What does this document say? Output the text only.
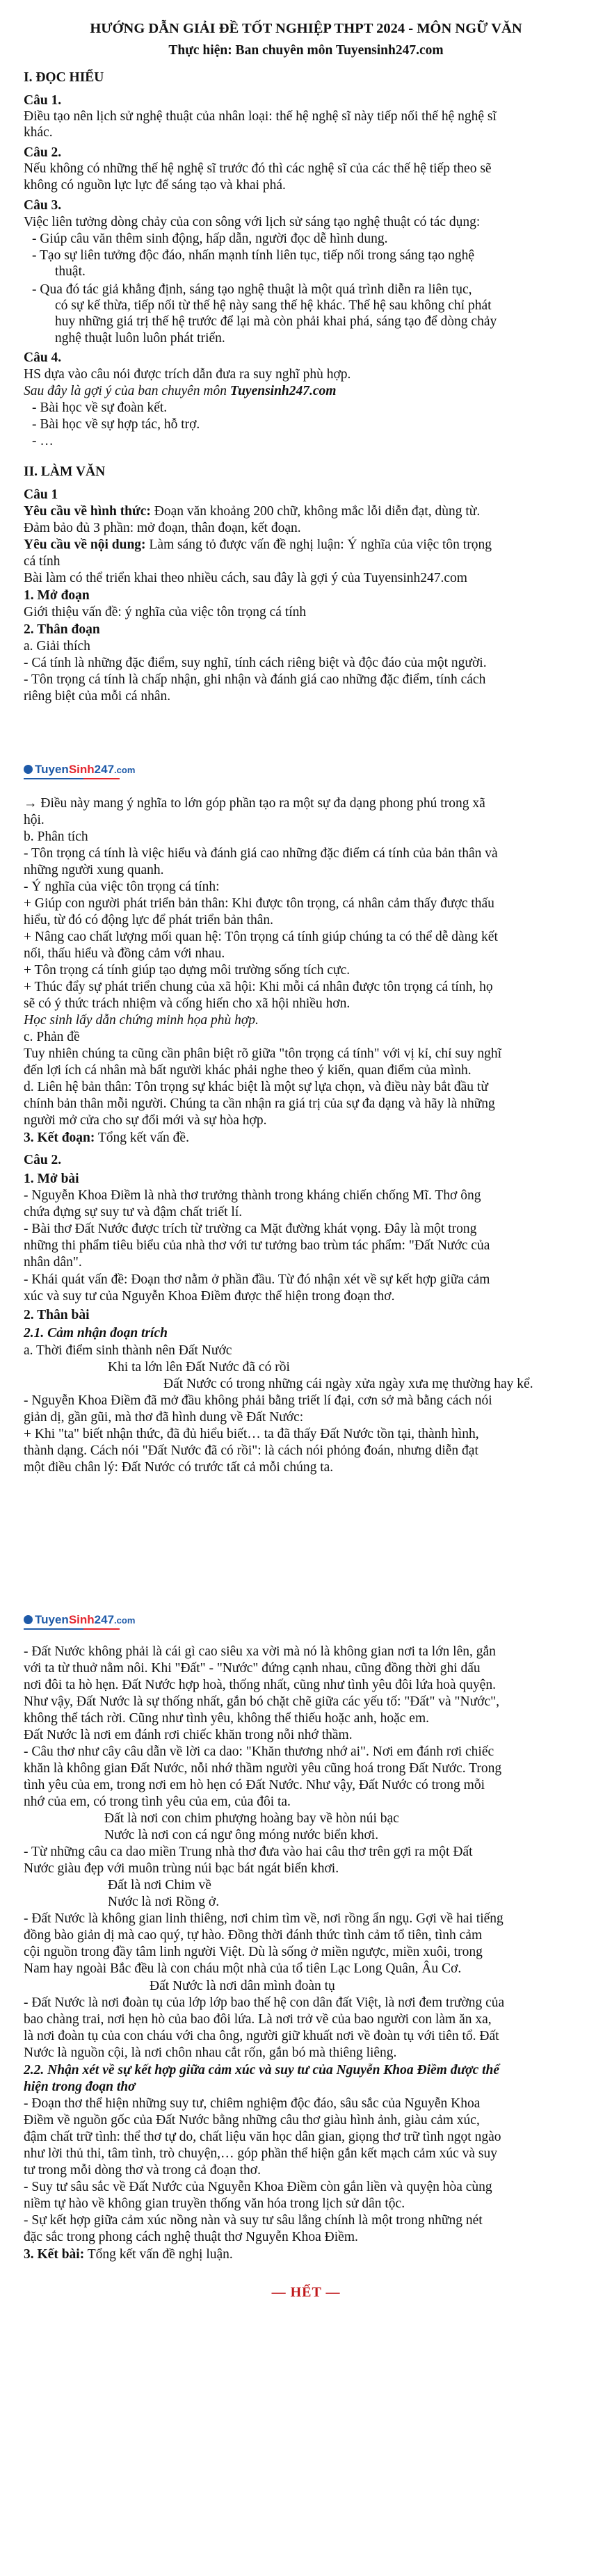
I. ĐỌC HIỂU
Câu 1.
Điều tạo nên lịch sử nghệ thuật của nhân loại: thế hệ nghệ sĩ này tiếp nối thế hệ nghệ sĩ
khác.
Câu 2.
Nếu không có những thế hệ nghệ sĩ trước đó thì các nghệ sĩ của các thế hệ tiếp theo sẽ
không có nguồn lực lực để sáng tạo và khai phá.
Câu 3.
Việc liên tưởng dòng chảy của con sông với lịch sử sáng tạo nghệ thuật có tác dụng:
- Giúp câu văn thêm sinh động, hấp dẫn, người đọc dễ hình dung.
- Tạo sự liên tưởng độc đáo, nhấn mạnh tính liên tục, tiếp nối trong sáng tạo nghệ
thuật.
- Qua đó tác giả khẳng định, sáng tạo nghệ thuật là một quá trình diễn ra liên tục,
có sự kế thừa, tiếp nối từ thế hệ này sang thế hệ khác. Thế hệ sau không chỉ phát
huy những giá trị thế hệ trước để lại mà còn phải khai phá, sáng tạo để dòng chảy
nghệ thuật luôn luôn phát triển.
Câu 4.
HS dựa vào câu nói được trích dẫn đưa ra suy nghĩ phù hợp.
Sau đây là gợi ý của ban chuyên môn Tuyensinh247.com
- Bài học về sự đoàn kết.
- Bài học về sự hợp tác, hỗ trợ.
- …
II. LÀM VĂN
Câu 1
Yêu cầu về hình thức: Đoạn văn khoảng 200 chữ, không mắc lỗi diễn đạt, dùng từ.
Đảm bảo đủ 3 phần: mở đoạn, thân đoạn, kết đoạn.
Yêu cầu về nội dung: Làm sáng tỏ được vấn đề nghị luận: Ý nghĩa của việc tôn trọng
cá tính
Bài làm có thể triển khai theo nhiều cách, sau đây là gợi ý của Tuyensinh247.com
1. Mở đoạn
Giới thiệu vấn đề: ý nghĩa của việc tôn trọng cá tính
2. Thân đoạn
a. Giải thích
- Cá tính là những đặc điểm, suy nghĩ, tính cách riêng biệt và độc đáo của một người.
- Tôn trọng cá tính là chấp nhận, ghi nhận và đánh giá cao những đặc điểm, tính cách
riêng biệt của mỗi cá nhân.
→ Điều này mang ý nghĩa to lớn góp phần tạo ra một sự đa dạng phong phú trong xã
hội.
b. Phân tích
- Tôn trọng cá tính là việc hiểu và đánh giá cao những đặc điểm cá tính của bản thân và
những người xung quanh.
- Ý nghĩa của việc tôn trọng cá tính:
+ Giúp con người phát triển bản thân: Khi được tôn trọng, cá nhân cảm thấy được thấu
hiểu, từ đó có động lực để phát triển bản thân.
+ Nâng cao chất lượng mối quan hệ: Tôn trọng cá tính giúp chúng ta có thể dễ dàng kết
nối, thấu hiểu và đồng cảm với nhau.
+ Tôn trọng cá tính giúp tạo dựng môi trường sống tích cực.
+ Thúc đẩy sự phát triển chung của xã hội: Khi mỗi cá nhân được tôn trọng cá tính, họ
sẽ có ý thức trách nhiệm và cống hiến cho xã hội nhiều hơn.
Học sinh lấy dẫn chứng minh họa phù hợp.
c. Phản đề
Tuy nhiên chúng ta cũng cần phân biệt rõ giữa "tôn trọng cá tính" với vị kỉ, chỉ suy nghĩ
đến lợi ích cá nhân mà bất người khác phải nghe theo ý kiến, quan điểm của mình.
d. Liên hệ bản thân: Tôn trọng sự khác biệt là một sự lựa chọn, và điều này bắt đầu từ
chính bản thân mỗi người. Chúng ta cần nhận ra giá trị của sự đa dạng và hãy là những
người mở cửa cho sự đổi mới và sự hòa hợp.
3. Kết đoạn: Tổng kết vấn đề.
Câu 2.
1. Mở bài
- Nguyễn Khoa Điềm là nhà thơ trưởng thành trong kháng chiến chống Mĩ. Thơ ông
chứa đựng sự suy tư và đậm chất triết lí.
- Bài thơ Đất Nước được trích từ trường ca Mặt đường khát vọng. Đây là một trong
những thi phẩm tiêu biểu của nhà thơ với tư tưởng bao trùm tác phẩm: "Đất Nước của
nhân dân".
- Khái quát vấn đề: Đoạn thơ nằm ở phần đầu. Từ đó nhận xét về sự kết hợp giữa cảm
xúc và suy tư của Nguyễn Khoa Điềm được thể hiện trong đoạn thơ.
2. Thân bài
2.1. Cảm nhận đoạn trích
a. Thời điểm sinh thành nên Đất Nước
Khi ta lớn lên Đất Nước đã có rồi
Đất Nước có trong những cái ngày xửa ngày xưa mẹ thường hay kể.
- Nguyễn Khoa Điềm đã mở đầu không phải bằng triết lí đại, cơn sở mà bằng cách nói
giản dị, gần gũi, mà thơ đã hình dung về Đất Nước:
+ Khi "ta" biết nhận thức, đã đủ hiểu biết… ta đã thấy Đất Nước tồn tại, thành hình,
thành dạng. Cách nói "Đất Nước đã có rồi": là cách nói phỏng đoán, nhưng diễn đạt
một điều chân lý: Đất Nước có trước tất cả mỗi chúng ta.
- Đất Nước không phải là cái gì cao siêu xa vời mà nó là không gian nơi ta lớn lên, gắn
với ta từ thuở nằm nôi. Khi "Đất" - "Nước" đứng cạnh nhau, cũng đồng thời ghi dấu
nơi đôi ta hò hẹn. Đất Nước hợp hoà, thống nhất, cũng như tình yêu đôi lứa hoà quyện.
Như vậy, Đất Nước là sự thống nhất, gắn bó chặt chẽ giữa các yếu tố: "Đất" và "Nước",
không thể tách rời. Cũng như tình yêu, không thể thiếu hoặc anh, hoặc em.
Đất Nước là nơi em đánh rơi chiếc khăn trong nỗi nhớ thầm.
- Câu thơ như cây câu dẫn về lời ca dao: "Khăn thương nhớ ai". Nơi em đánh rơi chiếc
khăn là không gian Đất Nước, nỗi nhớ thầm người yêu cũng hoá trong Đất Nước. Trong
tình yêu của em, trong nơi em hò hẹn có Đất Nước. Như vậy, Đất Nước có trong mỗi
nhớ của em, có trong tình yêu của em, của đôi ta.
Đất là nơi con chim phượng hoàng bay về hòn núi bạc
Nước là nơi con cá ngư ông móng nước biển khơi.
- Từ những câu ca dao miền Trung nhà thơ đưa vào hai câu thơ trên gợi ra một Đất
Nước giàu đẹp với muôn trùng núi bạc bát ngát biển khơi.
Đất là nơi Chim về
Nước là nơi Rồng ở.
- Đất Nước là không gian linh thiêng, nơi chim tìm về, nơi rồng ẩn ngụ. Gợi về hai tiếng
đồng bào giản dị mà cao quý, tự hào. Đồng thời đánh thức tình cảm tổ tiên, tình cảm
cội nguồn trong đầy tâm linh người Việt. Dù là sống ở miền ngược, miền xuôi, trong
Nam hay ngoài Bắc đều là con cháu một nhà của tổ tiên Lạc Long Quân, Âu Cơ.
Đất Nước là nơi dân mình đoàn tụ
- Đất Nước là nơi đoàn tụ của lớp lớp bao thế hệ con dân đất Việt, là nơi đem trường của
bao chàng trai, nơi hẹn hò của bao đôi lứa. Là nơi trở về của bao người con làm ăn xa,
là nơi đoàn tụ của con cháu với cha ông, người giữ khuất nơi về đoàn tụ với tiên tổ. Đất
Nước là nguồn cội, là nơi chôn nhau cắt rốn, gắn bó mà thiêng liêng.
2.2. Nhận xét về sự kết hợp giữa cảm xúc và suy tư của Nguyễn Khoa Điềm được thể
hiện trong đoạn thơ
- Đoạn thơ thể hiện những suy tư, chiêm nghiệm độc đáo, sâu sắc của Nguyễn Khoa
Điềm về nguồn gốc của Đất Nước bằng những câu thơ giàu hình ảnh, giàu cảm xúc,
đậm chất trữ tình: thể thơ tự do, chất liệu văn học dân gian, giọng thơ trữ tình ngọt ngào
như lời thủ thỉ, tâm tình, trò chuyện,… góp phần thể hiện gắn kết mạch cảm xúc và suy
tư trong mỗi dòng thơ và trong cả đoạn thơ.
- Suy tư sâu sắc về Đất Nước của Nguyễn Khoa Điềm còn gắn liền và quyện hòa cùng
niềm tự hào về không gian truyền thống văn hóa trong lịch sử dân tộc.
- Sự kết hợp giữa cảm xúc nồng nàn và suy tư sâu lắng chính là một trong những nét
đặc sắc trong phong cách nghệ thuật thơ Nguyễn Khoa Điềm.
3. Kết bài: Tổng kết vấn đề nghị luận.
— HẾT —
TuyenSinh247.com
TuyenSinh247.com
HƯỚNG DẪN GIẢI ĐỀ TỐT NGHIỆP THPT 2024 - MÔN NGỮ VĂN
Thực hiện: Ban chuyên môn Tuyensinh247.com
